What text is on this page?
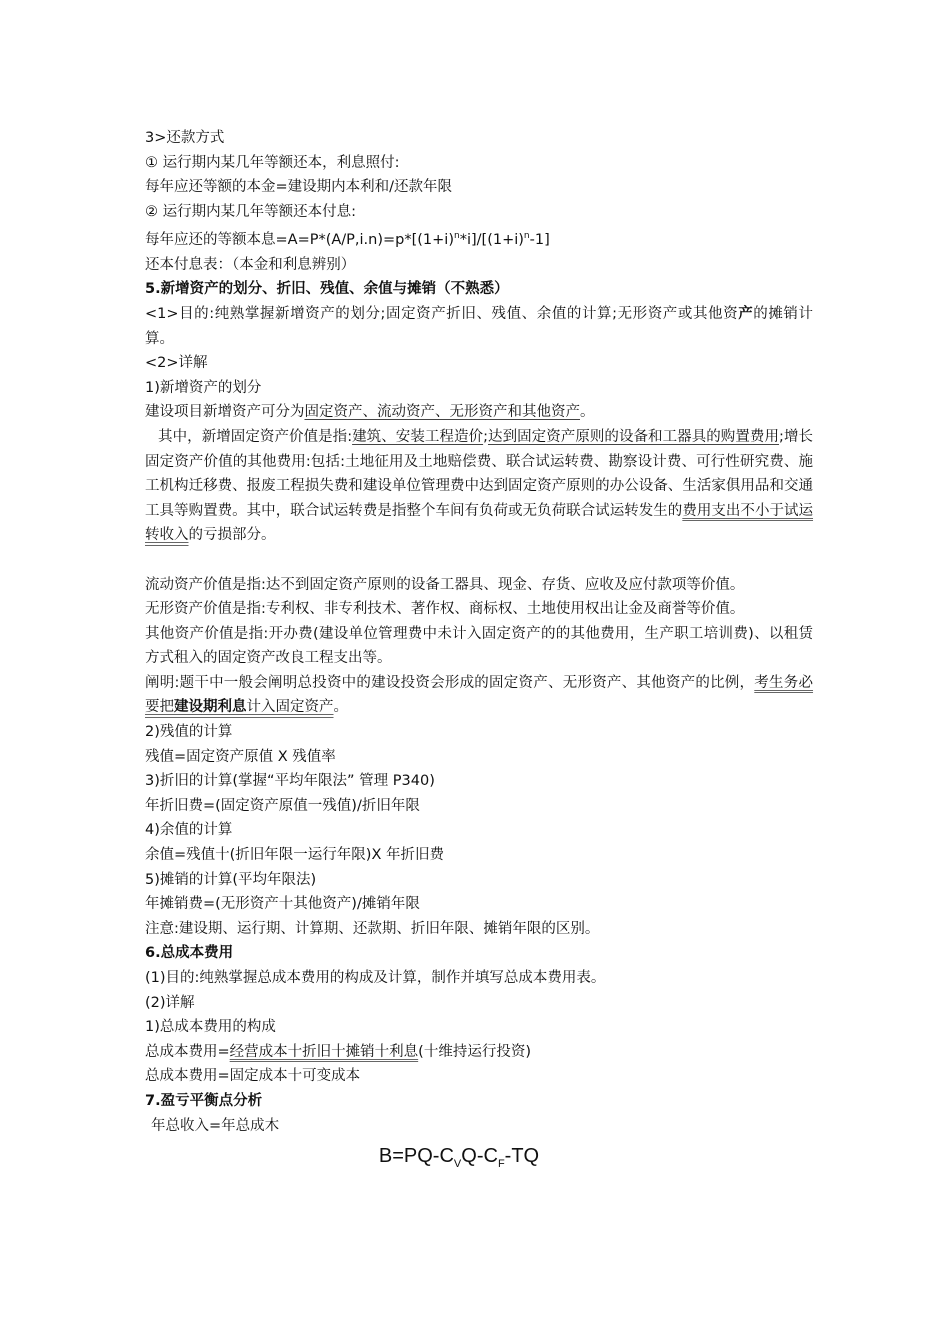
3>还款方式
① 运行期内某几年等额还本，利息照付:
每年应还等额的本金=建设期内本利和/还款年限
② 运行期内某几年等额还本付息:
每年应还的等额本息$=A=P*(A/P,i.n)=p*[(1+i)^n*i]/[(1+i)^n-1]$
还本付息表：（本金和利息辨别）
5.新增资产的划分、折旧、残值、余值与摊销（不熟悉）
<1>目的:纯熟掌握新增资产的划分;固定资产折旧、残值、余值的计算;无形资产或其他资产的摊销计算。
<2>详解
1)新增资产的划分
建设项目新增资产可分为固定资产、流动资产、无形资产和其他资产。
其中，新增固定资产价值是指:建筑、安装工程造价;达到固定资产原则的设备和工器具的购置费用;增长固定资产价值的其他费用:包括:土地征用及土地赔偿费、联合试运转费、勘察设计费、可行性研究费、施工机构迁移费、报废工程损失费和建设单位管理费中达到固定资产原则的办公设备、生活家俱用品和交通工具等购置费。其中，联合试运转费是指整个车间有负荷或无负荷联合试运转发生的费用支出不小于试运转收入的亏损部分。
流动资产价值是指:达不到固定资产原则的设备工器具、现金、存货、应收及应付款项等价值。
无形资产价值是指:专利权、非专利技术、著作权、商标权、土地使用权出让金及商誉等价值。
其他资产价值是指:开办费(建设单位管理费中未计入固定资产的的其他费用，生产职工培训费)、以租赁方式租入的固定资产改良工程支出等。
阐明:题干中一般会阐明总投资中的建设投资会形成的固定资产、无形资产、其他资产的比例，考生务必要把建设期利息计入固定资产。
2)残值的计算
残值=固定资产原值 X 残值率
3)折旧的计算(掌握“平均年限法” 管理 P340)
年折旧费=(固定资产原值一残值)/折旧年限
4)余值的计算
余值=残值十(折旧年限一运行年限)X 年折旧费
5)摊销的计算(平均年限法)
年摊销费=(无形资产十其他资产)/摊销年限
注意:建设期、运行期、计算期、还款期、折旧年限、摊销年限的区别。
6.总成本费用
(1)目的:纯熟掌握总成本费用的构成及计算，制作并填写总成本费用表。
(2)详解
1)总成本费用的构成
总成本费用=经营成本十折旧十摊销十利息(十维持运行投资)
总成本费用=固定成本十可变成本
7.盈亏平衡点分析
年总收入=年总成木
$B=PQ-C_VQ-C_F-TQ$
